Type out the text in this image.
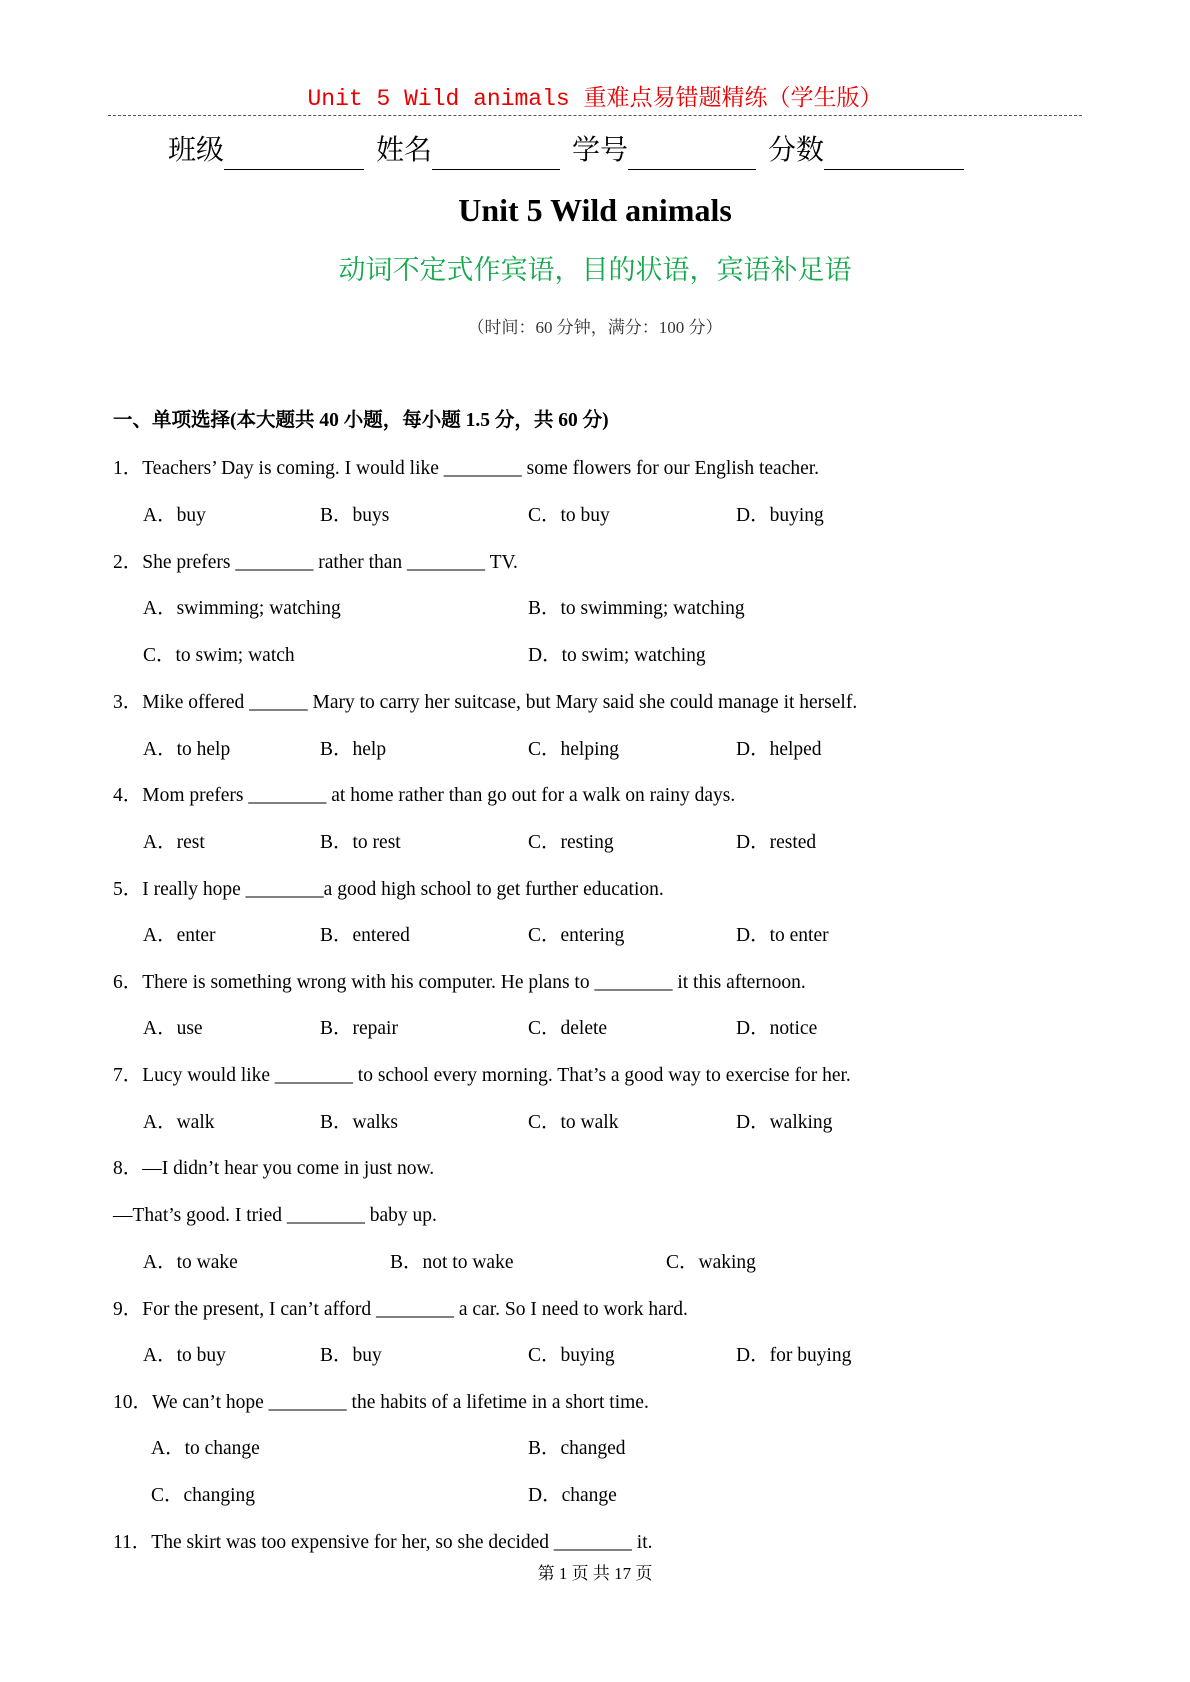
Unit 5 Wild animals 重难点易错题精练（学生版）
班级	姓名	学号	分数
Unit 5 Wild animals
动词不定式作宾语，目的状语，宾语补足语
（时间：60 分钟，满分：100 分）
一、单项选择(本大题共 40 小题，每小题 1.5 分，共 60 分)
1．Teachers’ Day is coming. I would like ________ some flowers for our English teacher.
A．buy	B．buys	C．to buy	D．buying
2．She prefers ________ rather than ________ TV.
A．swimming; watching	B．to swimming; watching
C．to swim; watch	D．to swim; watching
3．Mike offered ______ Mary to carry her suitcase, but Mary said she could manage it herself.
A．to help	B．help	C．helping	D．helped
4．Mom prefers ________ at home rather than go out for a walk on rainy days.
A．rest	B．to rest	C．resting	D．rested
5．I really hope ________a good high school to get further education.
A．enter	B．entered	C．entering	D．to enter
6．There is something wrong with his computer. He plans to ________ it this afternoon.
A．use	B．repair	C．delete	D．notice
7．Lucy would like ________ to school every morning. That’s a good way to exercise for her.
A．walk	B．walks	C．to walk	D．walking
8．—I didn’t hear you come in just now.
—That’s good. I tried ________ baby up.
A．to wake	B．not to wake	C．waking
9．For the present, I can’t afford ________ a car. So I need to work hard.
A．to buy	B．buy	C．buying	D．for buying
10．We can’t hope ________ the habits of a lifetime in a short time.
A．to change	B．changed
C．changing	D．change
11．The skirt was too expensive for her, so she decided ________ it.
第 1 页 共 17 页
